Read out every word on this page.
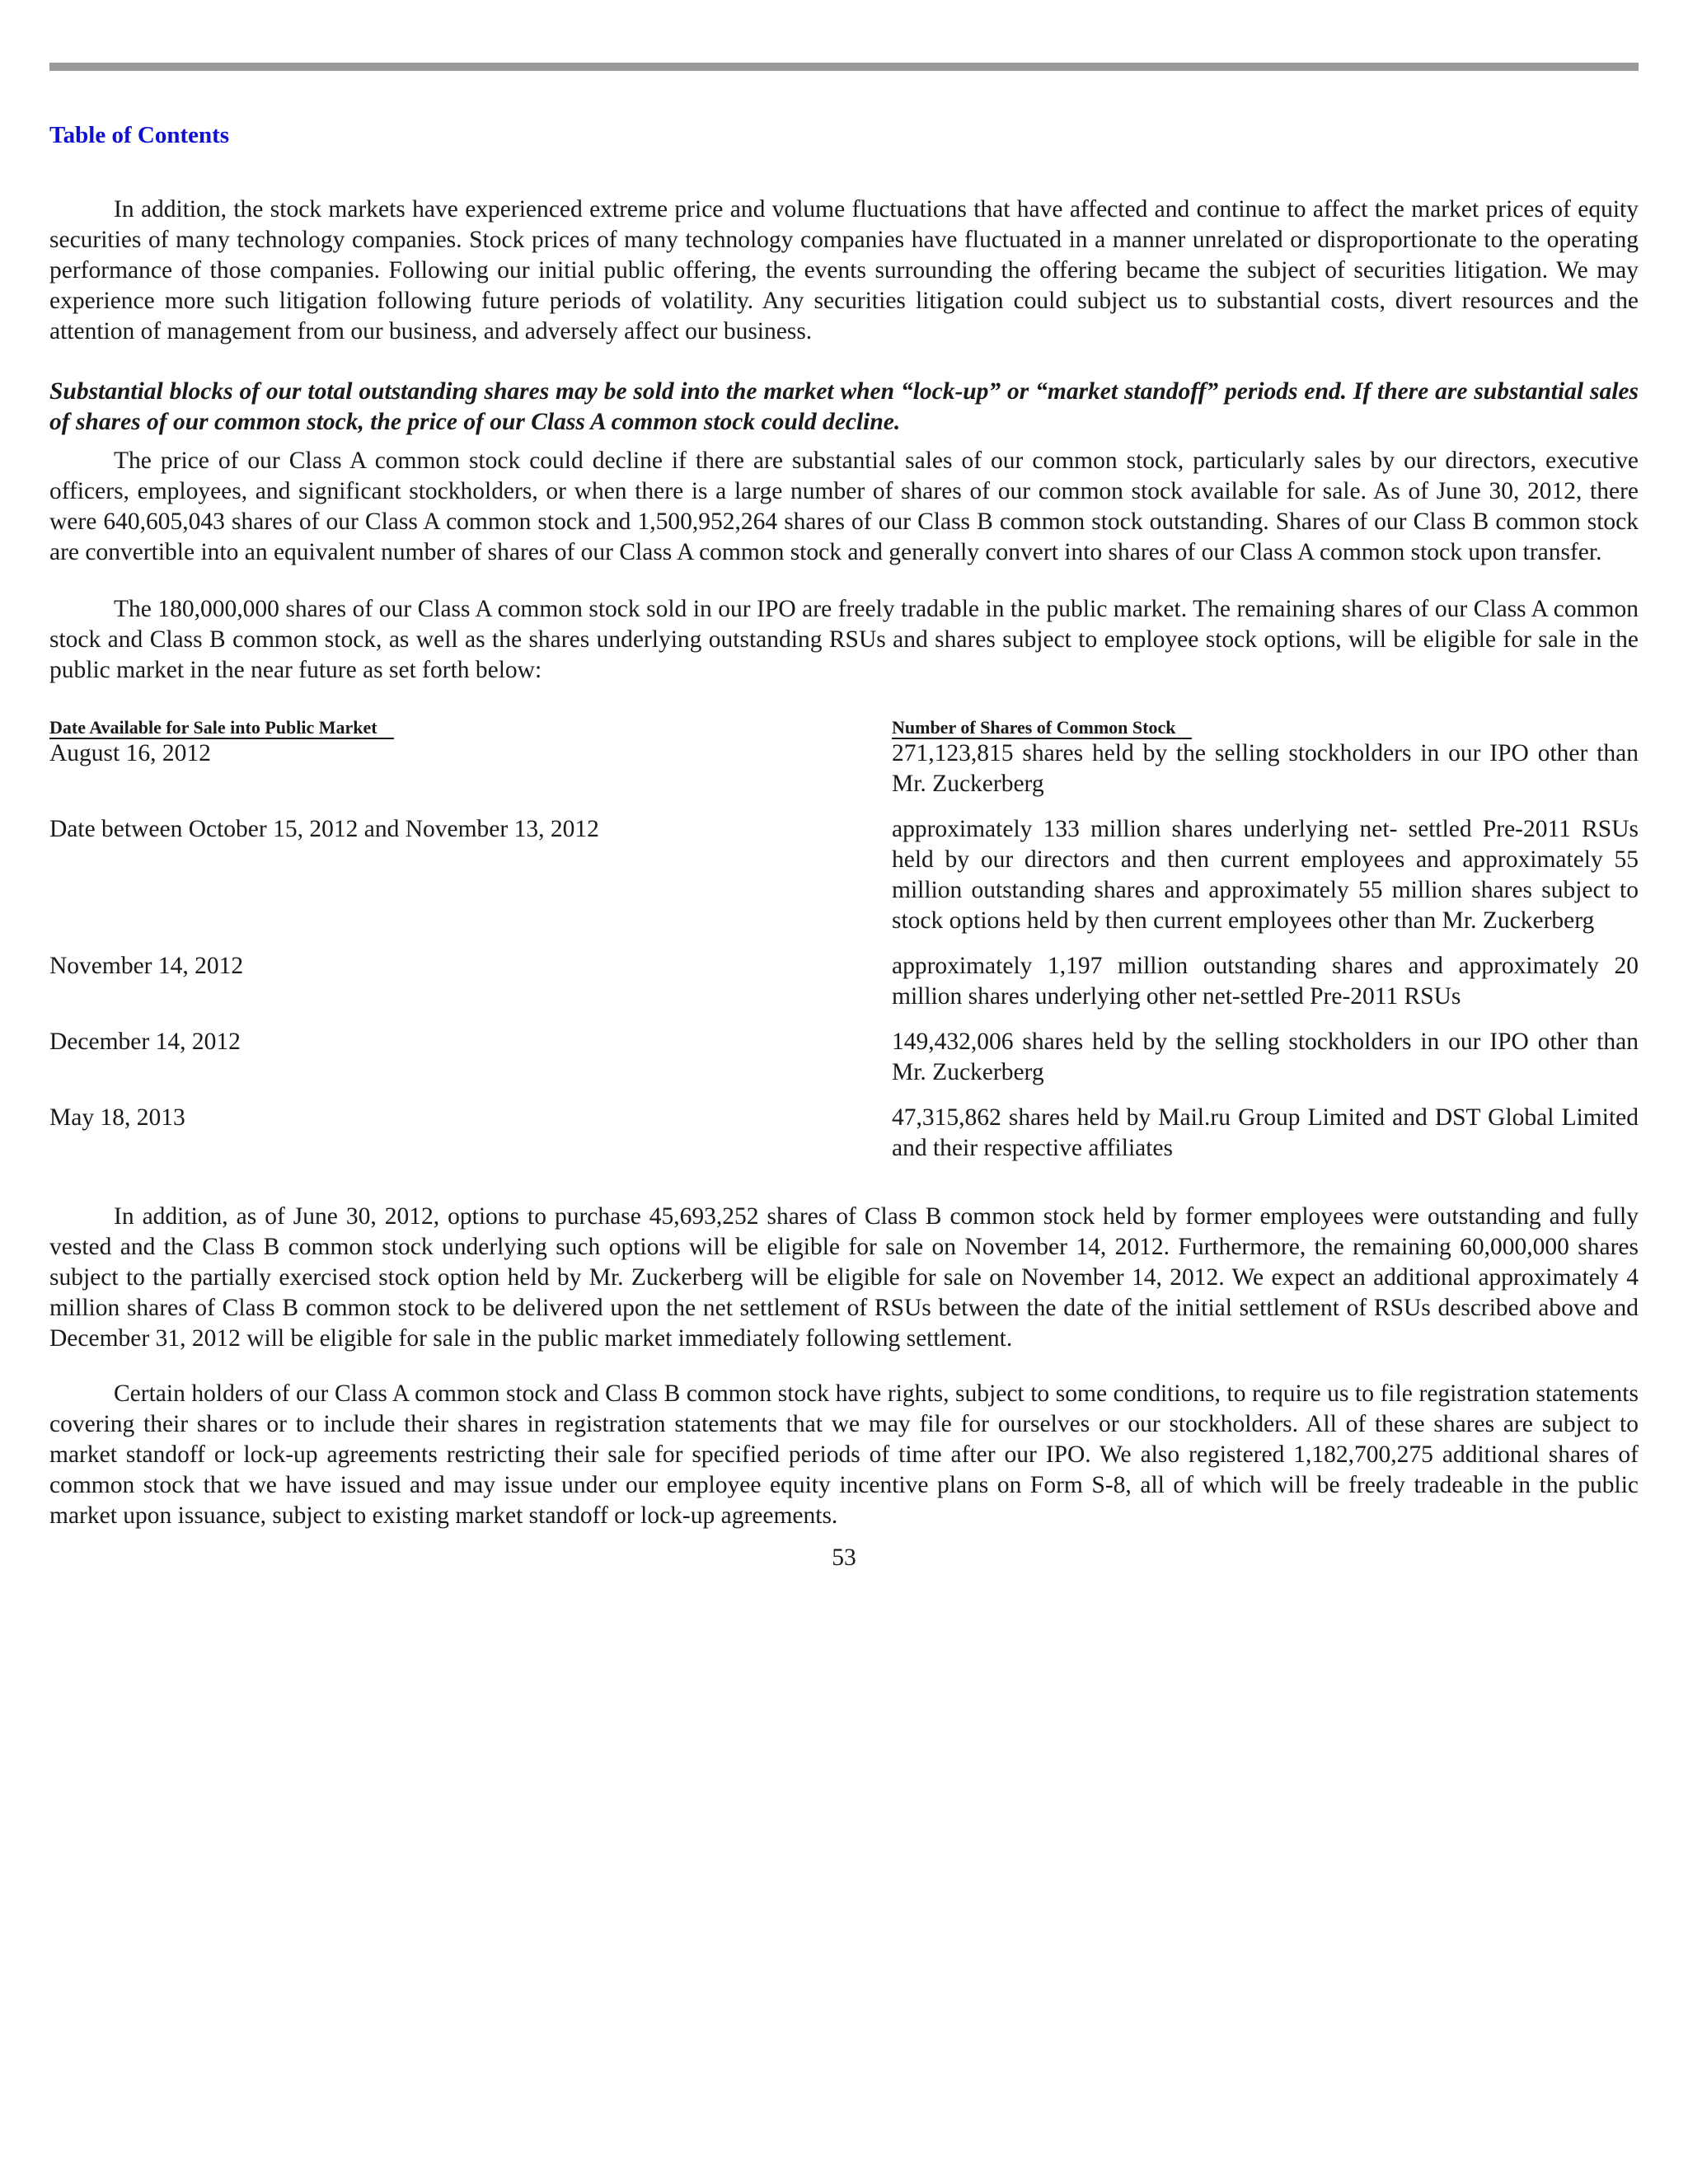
Table of Contents

In addition, the stock markets have experienced extreme price and volume fluctuations that have affected and continue to affect the market prices of equity securities of many technology companies. Stock prices of many technology companies have fluctuated in a manner unrelated or disproportionate to the operating performance of those companies. Following our initial public offering, the events surrounding the offering became the subject of securities litigation. We may experience more such litigation following future periods of volatility. Any securities litigation could subject us to substantial costs, divert resources and the attention of management from our business, and adversely affect our business.

Substantial blocks of our total outstanding shares may be sold into the market when “lock-up” or “market standoff” periods end. If there are substantial sales of shares of our common stock, the price of our Class A common stock could decline.

The price of our Class A common stock could decline if there are substantial sales of our common stock, particularly sales by our directors, executive officers, employees, and significant stockholders, or when there is a large number of shares of our common stock available for sale. As of June 30, 2012, there were 640,605,043 shares of our Class A common stock and 1,500,952,264 shares of our Class B common stock outstanding. Shares of our Class B common stock are convertible into an equivalent number of shares of our Class A common stock and generally convert into shares of our Class A common stock upon transfer.

The 180,000,000 shares of our Class A common stock sold in our IPO are freely tradable in the public market. The remaining shares of our Class A common stock and Class B common stock, as well as the shares underlying outstanding RSUs and shares subject to employee stock options, will be eligible for sale in the public market in the near future as set forth below:

Date Available for Sale into Public Market	Number of Shares of Common Stock
August 16, 2012	271,123,815 shares held by the selling stockholders in our IPO other than Mr. Zuckerberg
Date between October 15, 2012 and November 13, 2012	approximately 133 million shares underlying net- settled Pre-2011 RSUs held by our directors and then current employees and approximately 55 million outstanding shares and approximately 55 million shares subject to stock options held by then current employees other than Mr. Zuckerberg
November 14, 2012	approximately 1,197 million outstanding shares and approximately 20 million shares underlying other net-settled Pre-2011 RSUs
December 14, 2012	149,432,006 shares held by the selling stockholders in our IPO other than Mr. Zuckerberg
May 18, 2013	47,315,862 shares held by Mail.ru Group Limited and DST Global Limited and their respective affiliates

In addition, as of June 30, 2012, options to purchase 45,693,252 shares of Class B common stock held by former employees were outstanding and fully vested and the Class B common stock underlying such options will be eligible for sale on November 14, 2012. Furthermore, the remaining 60,000,000 shares subject to the partially exercised stock option held by Mr. Zuckerberg will be eligible for sale on November 14, 2012. We expect an additional approximately 4 million shares of Class B common stock to be delivered upon the net settlement of RSUs between the date of the initial settlement of RSUs described above and December 31, 2012 will be eligible for sale in the public market immediately following settlement.

Certain holders of our Class A common stock and Class B common stock have rights, subject to some conditions, to require us to file registration statements covering their shares or to include their shares in registration statements that we may file for ourselves or our stockholders. All of these shares are subject to market standoff or lock-up agreements restricting their sale for specified periods of time after our IPO. We also registered 1,182,700,275 additional shares of common stock that we have issued and may issue under our employee equity incentive plans on Form S-8, all of which will be freely tradeable in the public market upon issuance, subject to existing market standoff or lock-up agreements.

53
